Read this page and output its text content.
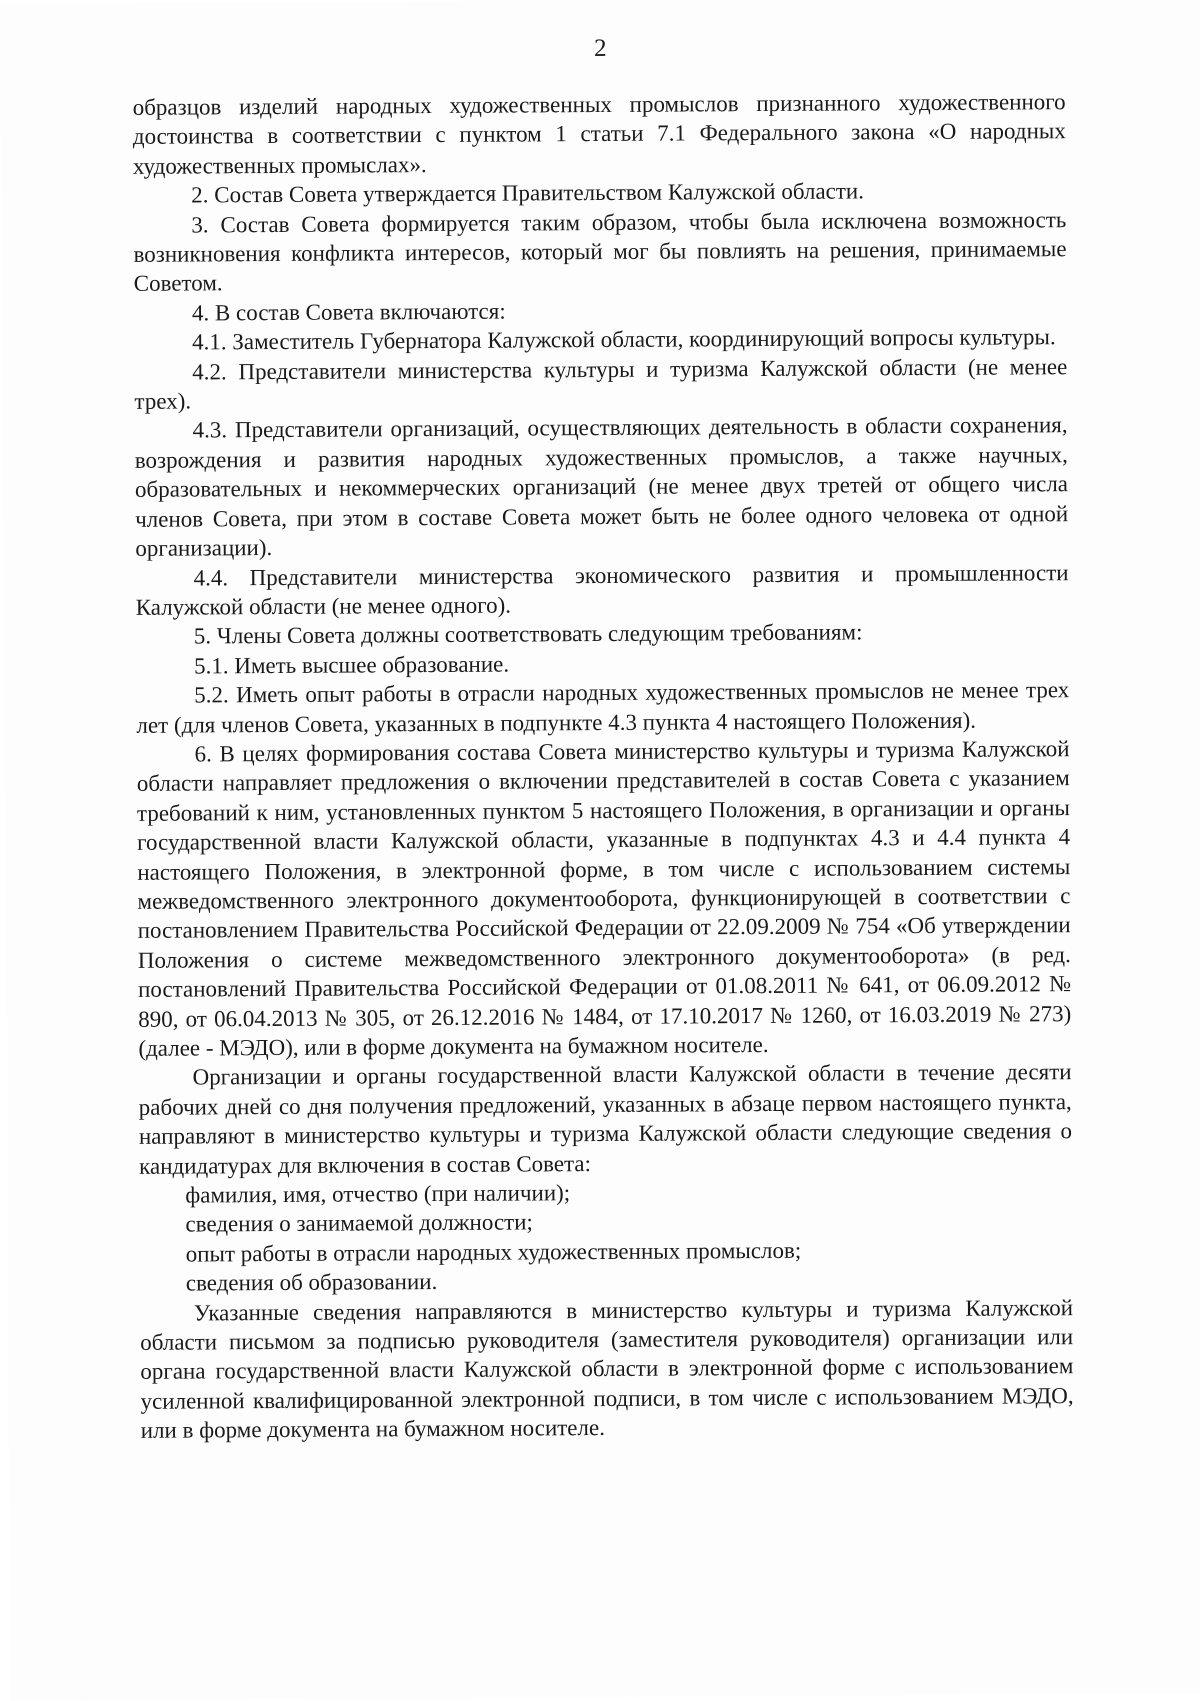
2

образцов изделий народных художественных промыслов признанного художественного достоинства в соответствии с пунктом 1 статьи 7.1 Федерального закона «О народных художественных промыслах».

2. Состав Совета утверждается Правительством Калужской области.

3. Состав Совета формируется таким образом, чтобы была исключена возможность возникновения конфликта интересов, который мог бы повлиять на решения, принимаемые Советом.

4. В состав Совета включаются:

4.1. Заместитель Губернатора Калужской области, координирующий вопросы культуры.

4.2. Представители министерства культуры и туризма Калужской области (не менее трех).

4.3. Представители организаций, осуществляющих деятельность в области сохранения, возрождения и развития народных художественных промыслов, а также научных, образовательных и некоммерческих организаций (не менее двух третей от общего числа членов Совета, при этом в составе Совета может быть не более одного человека от одной организации).

4.4. Представители министерства экономического развития и промышленности Калужской области (не менее одного).

5. Члены Совета должны соответствовать следующим требованиям:

5.1. Иметь высшее образование.

5.2. Иметь опыт работы в отрасли народных художественных промыслов не менее трех лет (для членов Совета, указанных в подпункте 4.3 пункта 4 настоящего Положения).

6. В целях формирования состава Совета министерство культуры и туризма Калужской области направляет предложения о включении представителей в состав Совета с указанием требований к ним, установленных пунктом 5 настоящего Положения, в организации и органы государственной власти Калужской области, указанные в подпунктах 4.3 и 4.4 пункта 4 настоящего Положения, в электронной форме, в том числе с использованием системы межведомственного электронного документооборота, функционирующей в соответствии с постановлением Правительства Российской Федерации от 22.09.2009 № 754 «Об утверждении Положения о системе межведомственного электронного документооборота» (в ред. постановлений Правительства Российской Федерации от 01.08.2011 № 641, от 06.09.2012 № 890, от 06.04.2013 № 305, от 26.12.2016 № 1484, от 17.10.2017 № 1260, от 16.03.2019 № 273) (далее - МЭДО), или в форме документа на бумажном носителе.

Организации и органы государственной власти Калужской области в течение десяти рабочих дней со дня получения предложений, указанных в абзаце первом настоящего пункта, направляют в министерство культуры и туризма Калужской области следующие сведения о кандидатурах для включения в состав Совета:

фамилия, имя, отчество (при наличии);

сведения о занимаемой должности;

опыт работы в отрасли народных художественных промыслов;

сведения об образовании.

Указанные сведения направляются в министерство культуры и туризма Калужской области письмом за подписью руководителя (заместителя руководителя) организации или органа государственной власти Калужской области в электронной форме с использованием усиленной квалифицированной электронной подписи, в том числе с использованием МЭДО, или в форме документа на бумажном носителе.
